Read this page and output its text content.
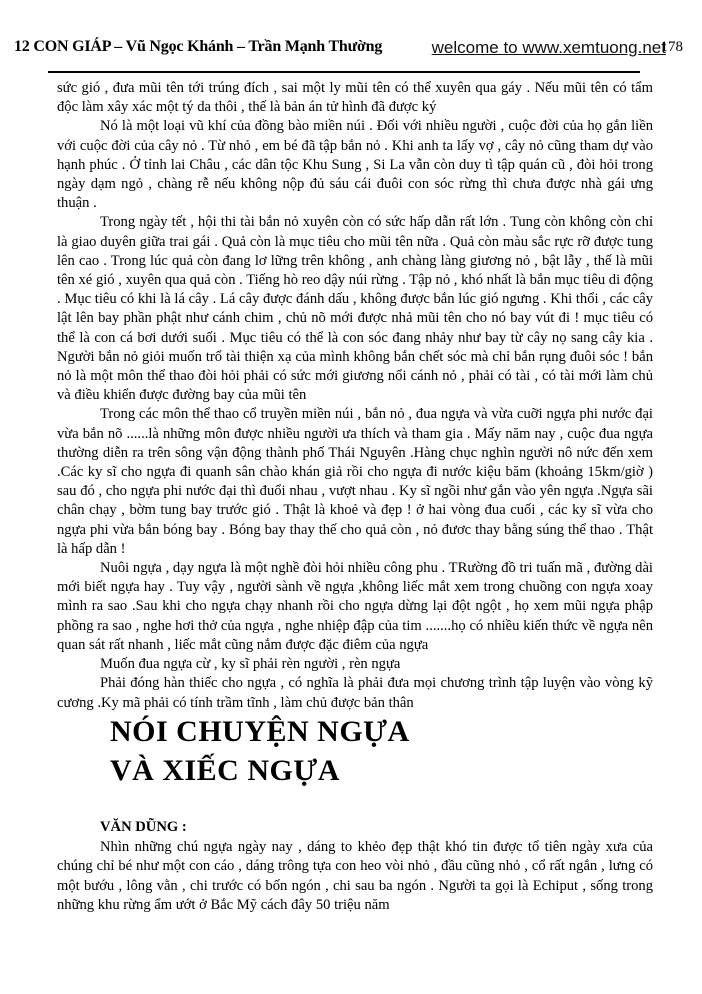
12 CON GIÁP – Vũ Ngọc Khánh – Trần Mạnh Thường	welcome to www.xemtuong.net
178

sức gió , đưa mũi tên tới trúng đích , sai một ly mũi tên có thể xuyên qua gáy . Nếu mũi tên có tẩm độc làm xây xác một tý da thôi , thế là bản án tử hình đã được ký

Nó là một loại vũ khí của đồng bào miền núi . Đối với nhiều người , cuộc đời của họ gắn liền với cuộc đời của cây nỏ . Từ nhỏ , em bé đã tập bắn nỏ . Khi anh ta lấy vợ , cây nỏ cũng tham dự vào hạnh phúc . Ở tỉnh lai Châu , các dân tộc Khu Sung , Si La vẫn còn duy tì tập quán cũ , đòi hỏi trong ngày dạm ngỏ , chàng rễ nếu không nộp đủ sáu cái đuôi con sóc rừng thì chưa được nhà gái ưng thuận .

Trong ngày tết , hội thi tài bắn nỏ xuyên còn có sức hấp dẫn rất lớn . Tung còn không còn chỉ là giao duyên giữa trai gái . Quả còn là mục tiêu cho mũi tên nữa . Quả còn màu sắc rực rỡ được tung lên cao . Trong lúc quả còn đang lơ lững trên không , anh chàng làng giương nỏ , bật lẫy , thế là mũi tên xé gió , xuyên qua quả còn . Tiếng hò reo dậy núi rừng . Tập nỏ , khó nhất là bắn mục tiêu di động . Mục tiêu có khi là lá cây . Lá cây được đánh dấu , không được bắn lúc gió ngưng . Khi thổi , các cây lật lên bay phần phật như cánh chim , chủ nõ mới được nhả mũi tên cho nó bay vút đi ! mục tiêu có thể là con cá bơi dưới suối . Mục tiêu có thể là con sóc đang nhảy như bay từ cây nọ sang cây kia . Người bắn nỏ giỏi muốn trổ tài thiện xạ của mình không bắn chết sóc mà chỉ bắn rụng đuôi sóc ! bắn nỏ là một môn thể thao đòi hỏi phải có sức mới giương nổi cánh nỏ , phải có tài , có tài mới làm chủ và điều khiển được đường bay của mũi tên

Trong các môn thể thao cổ truyền miền núi , bắn nỏ , đua ngựa và vừa cuỡi ngựa phi nước đại vừa bắn nõ ......là những môn được nhiều người ưa thích và tham gia . Mấy năm nay , cuộc đua ngựa thường diễn ra trên sông vận động thành phố Thái Nguyên .Hàng chục nghìn người nô nức đến xem .Các ky sĩ cho ngựa đi quanh sân chào khán giả rồi cho ngựa đi nước kiệu băm (khoảng 15km/giờ ) sau đó , cho ngựa phi nước đại thì đuổi nhau , vượt nhau . Ky sĩ ngồi như gắn vào yên ngựa .Ngựa sãi chân chạy , bờm tung bay trước gió . Thật là khoẻ và đẹp ! ở hai vòng đua cuối , các ky sĩ vừa cho ngựa phi vừa bắn bóng bay . Bóng bay thay thế cho quả còn , nỏ đươc thay bằng súng thể thao . Thật là hấp dẫn !

Nuôi ngựa , dạy ngựa là một nghề đòi hỏi nhiều công phu . TRường đồ tri tuấn mã , đường dài mới biết ngựa hay . Tuy vậy , người sành về ngựa ,không liếc mắt xem trong chuồng con ngựa xoay mình ra sao .Sau khi cho ngựa chạy nhanh rồi cho ngựa dừng lại đột ngột , họ xem mũi ngựa phập phồng ra sao , nghe hơi thở của ngựa , nghe nhiệp đập của tim .......họ có nhiều kiến thức về ngựa nên quan sát rất nhanh , liếc mắt cũng nắm được đặc điêm của ngựa

Muốn đua ngựa cừ , ky sĩ phải rèn người , rèn ngựa

Phải đóng hàn thiếc cho ngựa , có nghĩa là phải đưa mọi chương trình tập luyện vào vòng kỹ cương .Ky mã phải có tính trầm tĩnh , làm chủ được bản thân

NÓI CHUYỆN NGỰA
VÀ XIẾC NGỰA

VĂN DŨNG :

Nhìn những chú ngựa ngày nay , dáng to khẻo đẹp thật khó tin được tổ tiên ngày xưa của chúng chỉ bé như một con cáo , dáng trông tựa con heo vòi nhỏ , đầu cũng nhỏ , cổ rất ngắn , lưng có một bướu , lông vằn , chi trước có bốn ngón , chi sau ba ngón . Người ta gọi là Echiput , sống trong những khu rừng ẩm ướt ở Bắc Mỹ cách đây 50 triệu năm
